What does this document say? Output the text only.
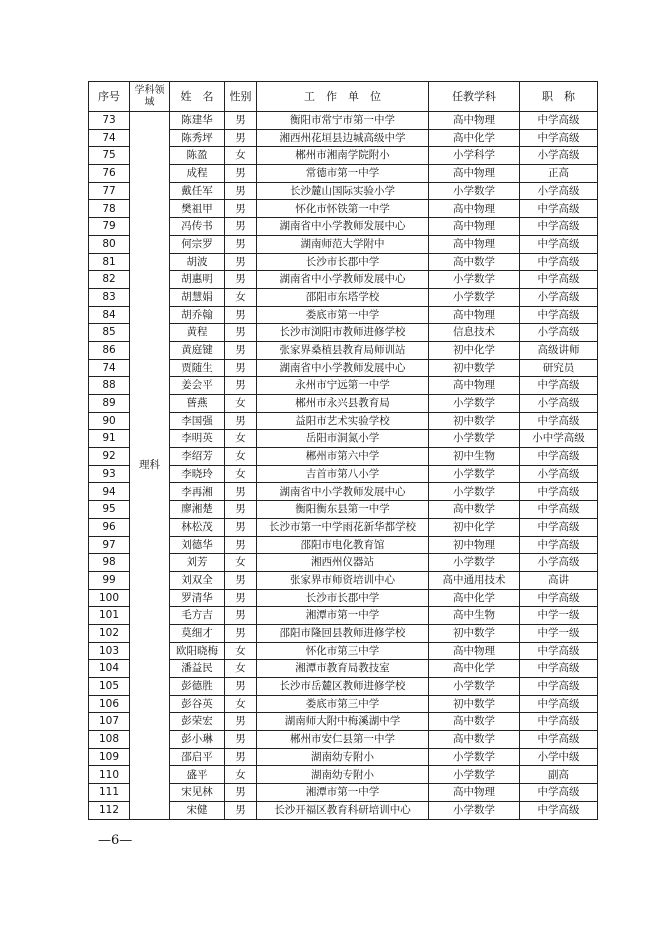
序号	学科领域	姓　名	性别	工　作　单　位	任教学科	职　称
73	理科	陈建华	男	衡阳市常宁市第一中学	高中物理	中学高级
74		陈秀坪	男	湘西州花垣县边城高级中学	高中化学	中学高级
75		陈盈	女	郴州市湘南学院附小	小学科学	小学高级
76		成程	男	常德市第一中学	高中物理	正高
77		戴任军	男	长沙麓山国际实验小学	小学数学	小学高级
78		樊祖甲	男	怀化市怀铁第一中学	高中物理	中学高级
79		冯传书	男	湖南省中小学教师发展中心	高中物理	中学高级
80		何宗罗	男	湖南师范大学附中	高中物理	中学高级
81		胡波	男	长沙市长郡中学	高中数学	中学高级
82		胡惠明	男	湖南省中小学教师发展中心	小学数学	中学高级
83		胡慧娟	女	邵阳市东塔学校	小学数学	小学高级
84		胡乔翰	男	娄底市第一中学	高中物理	中学高级
85		黄程	男	长沙市浏阳市教师进修学校	信息技术	小学高级
86		黄庭键	男	张家界桑植县教育局师训站	初中化学	高级讲师
74		贾随生	男	湖南省中小学教师发展中心	初中数学	研究员
88		姜会平	男	永州市宁远第一中学	高中物理	中学高级
89		蒈燕	女	郴州市永兴县教育局	小学数学	小学高级
90		李国强	男	益阳市艺术实验学校	初中数学	中学高级
91		李明英	女	岳阳市洞氮小学	小学数学	小中学高级
92		李绍芳	女	郴州市第六中学	初中生物	中学高级
93		李晓玲	女	吉首市第八小学	小学数学	小学高级
94		李再湘	男	湖南省中小学教师发展中心	小学数学	中学高级
95		廖湘楚	男	衡阳衡东县第一中学	高中数学	中学高级
96		林松茂	男	长沙市第一中学雨花新华都学校	初中化学	中学高级
97		刘德华	男	邵阳市电化教育馆	初中物理	中学高级
98		刘芳	女	湘西州仪器站	小学数学	小学高级
99		刘双全	男	张家界市师资培训中心	高中通用技术	高讲
100		罗清华	男	长沙市长郡中学	高中化学	中学高级
101		毛方吉	男	湘潭市第一中学	高中生物	中学一级
102		莫细才	男	邵阳市隆回县教师进修学校	初中数学	中学一级
103		欧阳晓梅	女	怀化市第三中学	高中物理	中学高级
104		潘益民	女	湘潭市教育局教技室	高中化学	中学高级
105		彭德胜	男	长沙市岳麓区教师进修学校	小学数学	中学高级
106		彭谷英	女	娄底市第三中学	初中数学	中学高级
107		彭荣宏	男	湖南师大附中梅溪湖中学	高中数学	中学高级
108		彭小琳	男	郴州市安仁县第一中学	高中数学	中学高级
109		邵启平	男	湖南幼专附小	小学数学	小学中级
110		盛平	女	湖南幼专附小	小学数学	副高
111		宋见林	男	湘潭市第一中学	高中物理	中学高级
112		宋健	男	长沙开福区教育科研培训中心	小学数学	中学高级
—6—
